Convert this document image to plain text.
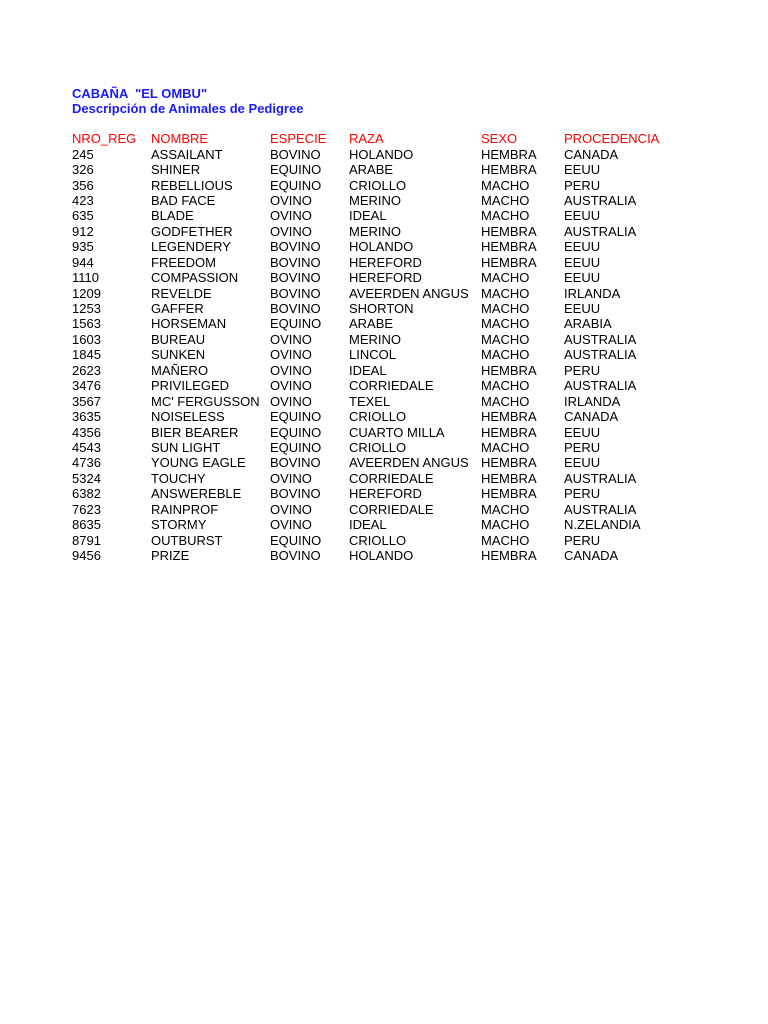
CABAÑA  "EL OMBU"
Descripción de Animales de Pedigree
NRO_REG	NOMBRE	ESPECIE	RAZA	SEXO	PROCEDENCIA
245	ASSAILANT	BOVINO	HOLANDO	HEMBRA	CANADA
326	SHINER	EQUINO	ARABE	HEMBRA	EEUU
356	REBELLIOUS	EQUINO	CRIOLLO	MACHO	PERU
423	BAD FACE	OVINO	MERINO	MACHO	AUSTRALIA
635	BLADE	OVINO	IDEAL	MACHO	EEUU
912	GODFETHER	OVINO	MERINO	HEMBRA	AUSTRALIA
935	LEGENDERY	BOVINO	HOLANDO	HEMBRA	EEUU
944	FREEDOM	BOVINO	HEREFORD	HEMBRA	EEUU
1110	COMPASSION	BOVINO	HEREFORD	MACHO	EEUU
1209	REVELDE	BOVINO	AVEERDEN ANGUS	MACHO	IRLANDA
1253	GAFFER	BOVINO	SHORTON	MACHO	EEUU
1563	HORSEMAN	EQUINO	ARABE	MACHO	ARABIA
1603	BUREAU	OVINO	MERINO	MACHO	AUSTRALIA
1845	SUNKEN	OVINO	LINCOL	MACHO	AUSTRALIA
2623	MAÑERO	OVINO	IDEAL	HEMBRA	PERU
3476	PRIVILEGED	OVINO	CORRIEDALE	MACHO	AUSTRALIA
3567	MC' FERGUSSON	OVINO	TEXEL	MACHO	IRLANDA
3635	NOISELESS	EQUINO	CRIOLLO	HEMBRA	CANADA
4356	BIER BEARER	EQUINO	CUARTO MILLA	HEMBRA	EEUU
4543	SUN LIGHT	EQUINO	CRIOLLO	MACHO	PERU
4736	YOUNG EAGLE	BOVINO	AVEERDEN ANGUS	HEMBRA	EEUU
5324	TOUCHY	OVINO	CORRIEDALE	HEMBRA	AUSTRALIA
6382	ANSWEREBLE	BOVINO	HEREFORD	HEMBRA	PERU
7623	RAINPROF	OVINO	CORRIEDALE	MACHO	AUSTRALIA
8635	STORMY	OVINO	IDEAL	MACHO	N.ZELANDIA
8791	OUTBURST	EQUINO	CRIOLLO	MACHO	PERU
9456	PRIZE	BOVINO	HOLANDO	HEMBRA	CANADA
